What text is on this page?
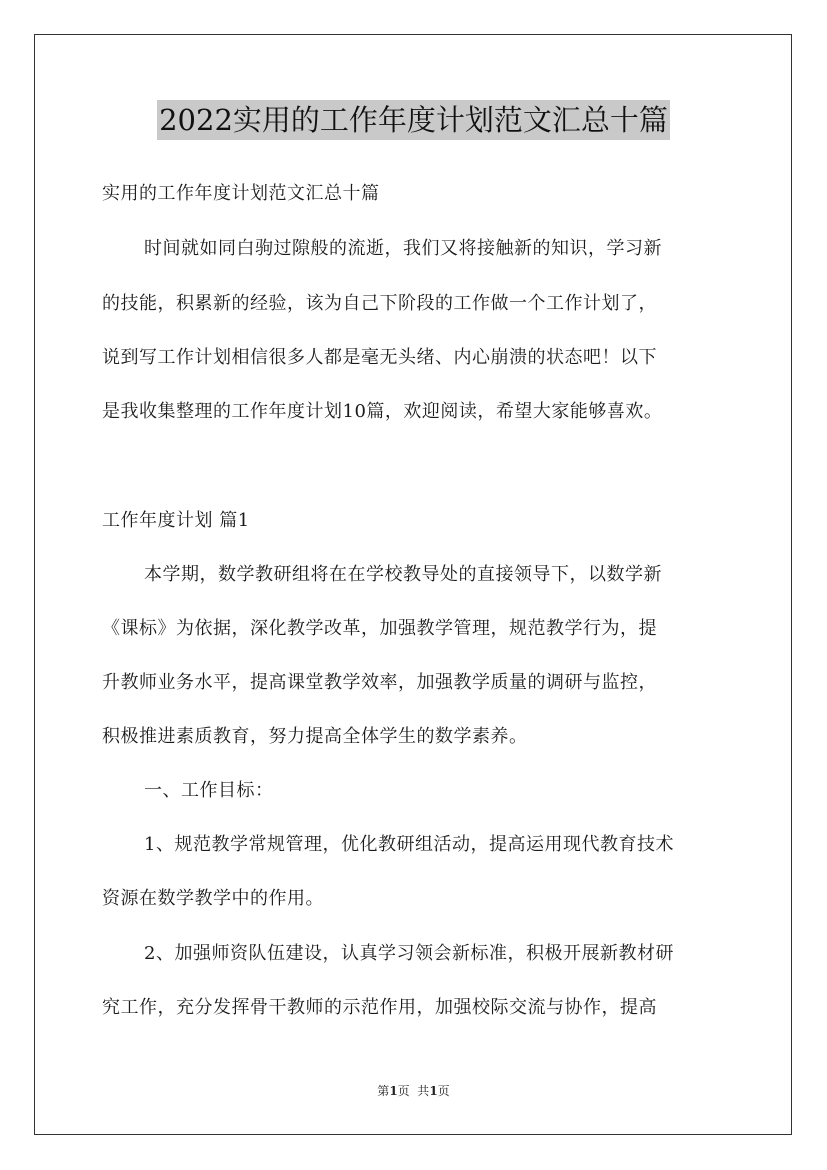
2022实用的工作年度计划范文汇总十篇
实用的工作年度计划范文汇总十篇
时间就如同白驹过隙般的流逝，我们又将接触新的知识，学习新
的技能，积累新的经验，该为自己下阶段的工作做一个工作计划了，
说到写工作计划相信很多人都是毫无头绪、内心崩溃的状态吧！以下
是我收集整理的工作年度计划10篇，欢迎阅读，希望大家能够喜欢。
工作年度计划 篇1
本学期，数学教研组将在在学校教导处的直接领导下，以数学新
《课标》为依据，深化教学改革，加强教学管理，规范教学行为，提
升教师业务水平，提高课堂教学效率，加强教学质量的调研与监控，
积极推进素质教育，努力提高全体学生的数学素养。
一、工作目标：
1、规范教学常规管理，优化教研组活动，提高运用现代教育技术
资源在数学教学中的作用。
2、加强师资队伍建设，认真学习领会新标准，积极开展新教材研
究工作，充分发挥骨干教师的示范作用，加强校际交流与协作，提高
第1页  共1页
